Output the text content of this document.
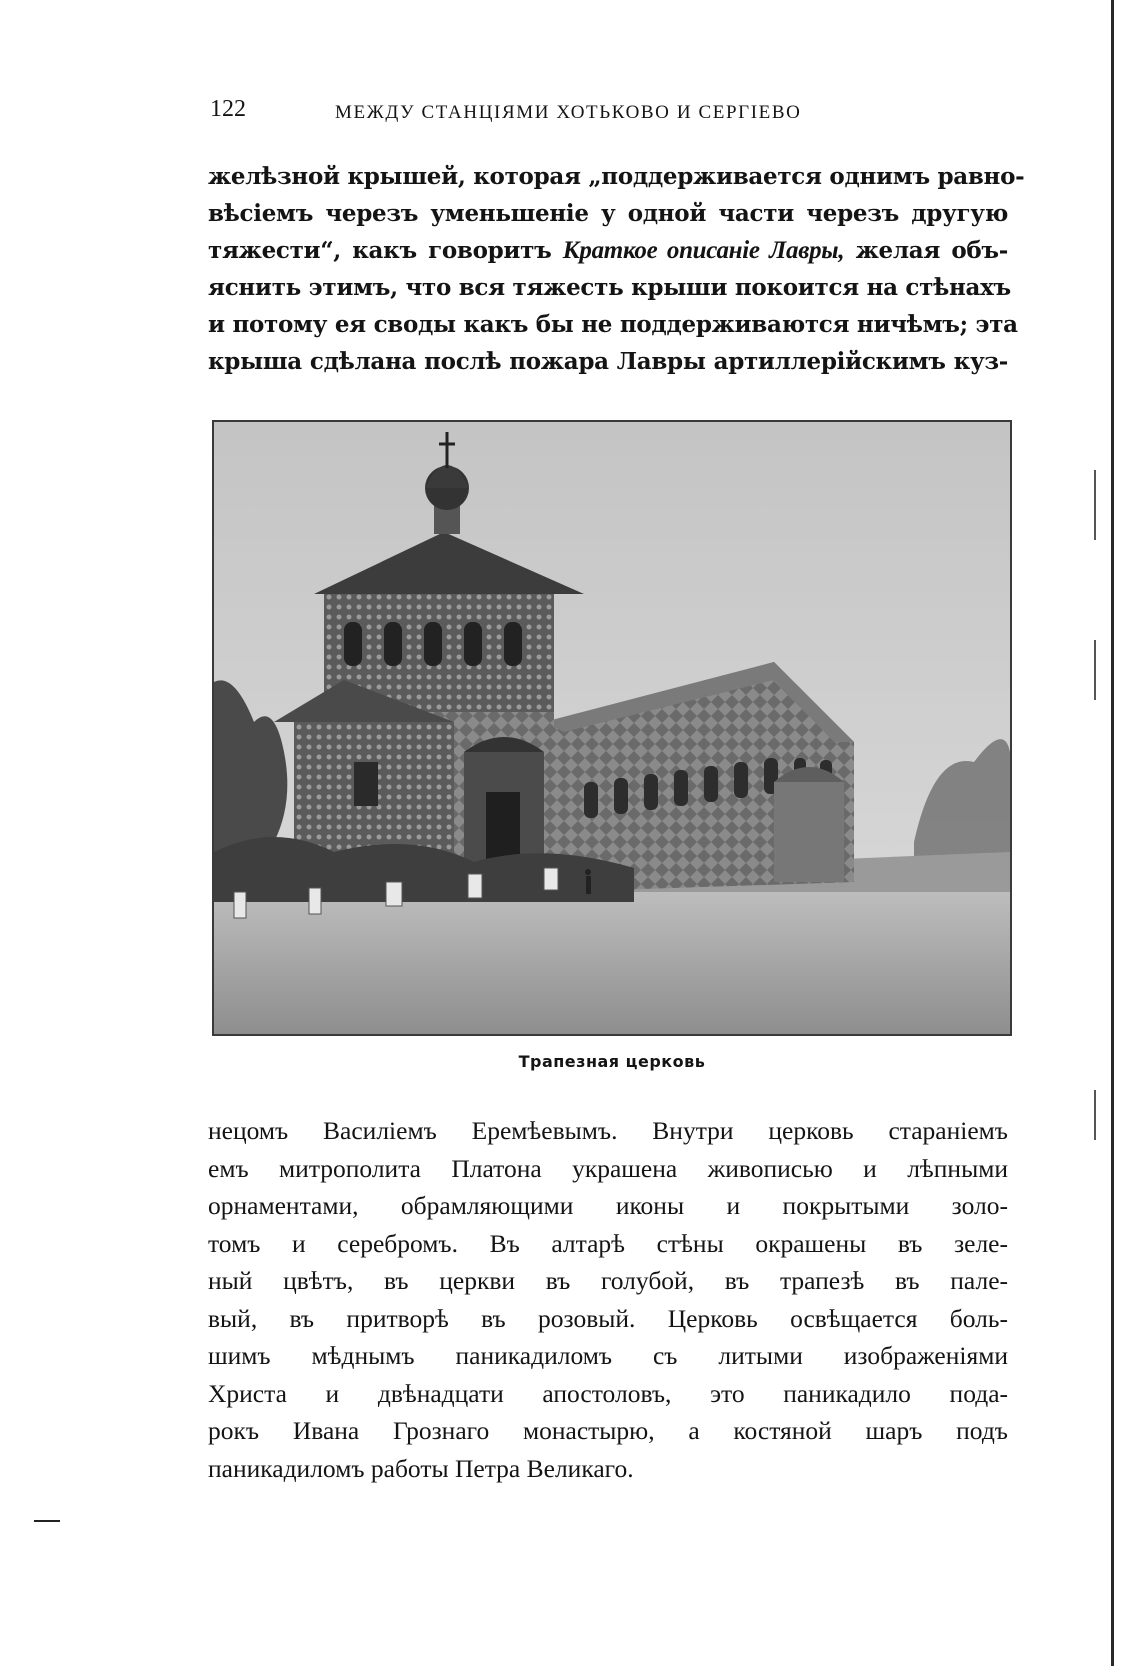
122	МЕЖДУ СТАНЦІЯМИ ХОТЬКОВО И СЕРГІЕВО
желѣзной крышей, которая „поддерживается однимъ равно-
вѣсіемъ черезъ уменьшеніе у одной части черезъ другую
тяжести“, какъ говоритъ Краткое описаніе Лавры, желая объ-
яснить этимъ, что вся тяжесть крыши покоится на стѣнахъ
и потому ея своды какъ бы не поддерживаются ничѣмъ; эта
крыша сдѣлана послѣ пожара Лавры артиллерійскимъ куз-
Трапезная церковь
нецомъ Василіемъ Еремѣевымъ. Внутри церковь стараніемъ
емъ митрополита Платона украшена живописью и лѣпными
орнаментами, обрамляющими иконы и покрытыми золо-
томъ и серебромъ. Въ алтарѣ стѣны окрашены въ зеле-
ный цвѣтъ, въ церкви въ голубой, въ трапезѣ въ пале-
вый, въ притворѣ въ розовый. Церковь освѣщается боль-
шимъ мѣднымъ паникадиломъ съ литыми изображеніями
Христа и двѣнадцати апостоловъ, это паникадило пода-
рокъ Ивана Грознаго монастырю, а костяной шаръ подъ
паникадиломъ работы Петра Великаго.
